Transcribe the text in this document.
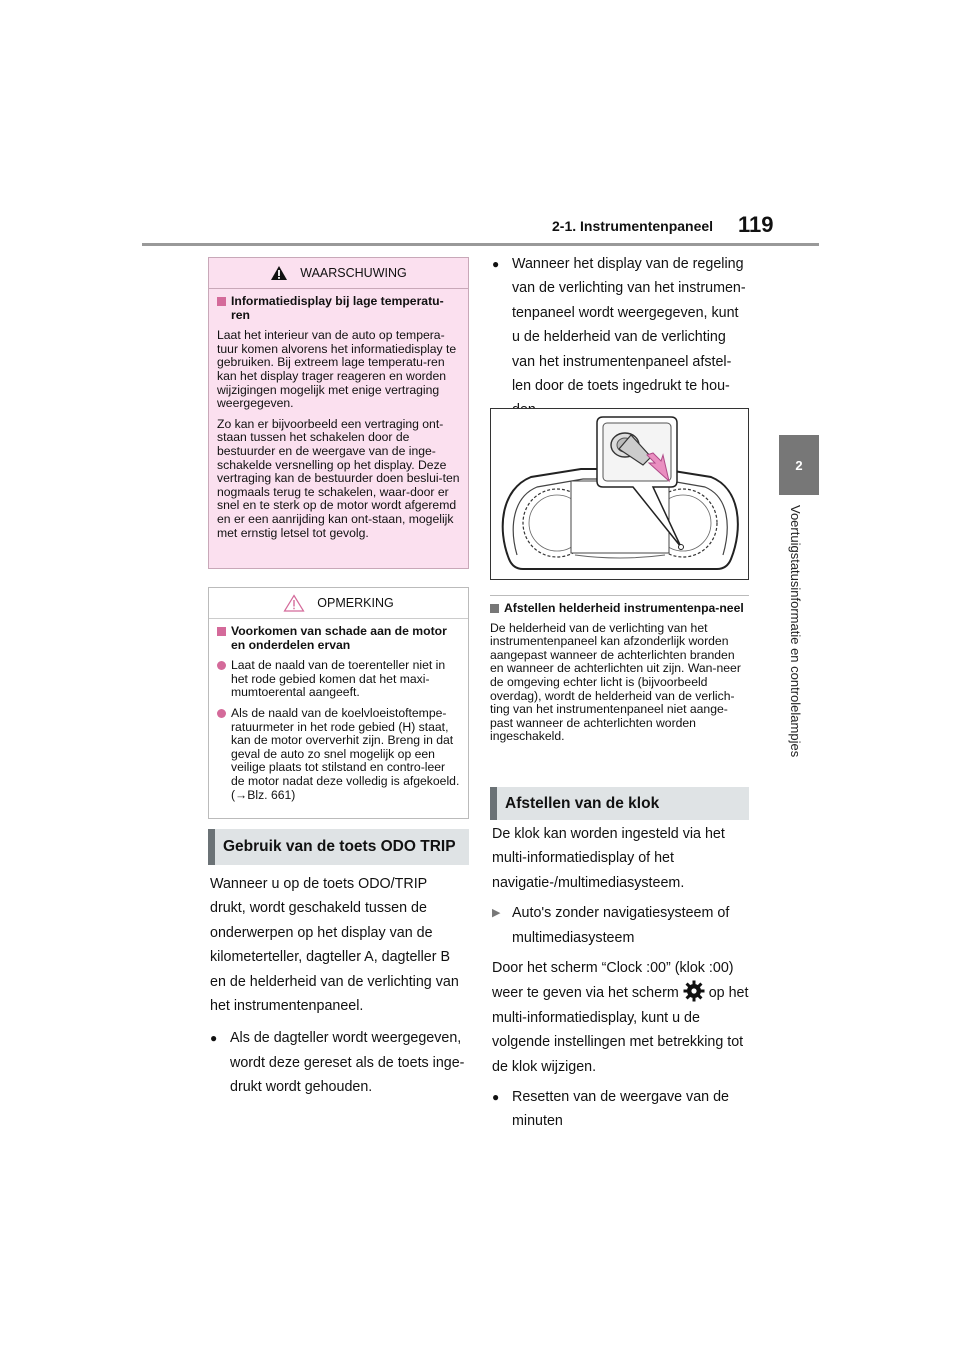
2-1. Instrumentenpaneel 119
2
Voertuigstatusinformatie en controlelampjes
WAARSCHUWING

Informatiedisplay bij lage temperatu-ren

Laat het interieur van de auto op tempera-tuur komen alvorens het informatiedisplay te gebruiken. Bij extreem lage temperatu-ren kan het display trager reageren en worden wijzigingen mogelijk met enige vertraging weergegeven.

Zo kan er bijvoorbeeld een vertraging ont-staan tussen het schakelen door de bestuurder en de weergave van de inge-schakelde versnelling op het display. Deze vertraging kan de bestuurder doen beslui-ten nogmaals terug te schakelen, waar-door er snel en te sterk op de motor wordt afgeremd en er een aanrijding kan ont-staan, mogelijk met ernstig letsel tot gevolg.

OPMERKING

Voorkomen van schade aan de motor en onderdelen ervan

Laat de naald van de toerenteller niet in het rode gebied komen dat het maxi-mumtoerental aangeeft.

Als de naald van de koelvloeistoftempe-ratuurmeter in het rode gebied (H) staat, kan de motor oververhit zijn. Breng in dat geval de auto zo snel mogelijk op een veilige plaats tot stilstand en contro-leer de motor nadat deze volledig is afgekoeld. (→Blz. 661)

Gebruik van de toets ODO TRIP

Wanneer u op de toets ODO/TRIP drukt, wordt geschakeld tussen de onderwerpen op het display van de kilometerteller, dagteller A, dagteller B en de helderheid van de verlichting van het instrumentenpaneel.

● Als de dagteller wordt weergegeven, wordt deze gereset als de toets inge-drukt wordt gehouden.
● Wanneer het display van de regeling van de verlichting van het instrumen-tenpaneel wordt weergegeven, kunt u de helderheid van de verlichting van het instrumentenpaneel afstel-len door de toets ingedrukt te hou-

Afstellen helderheid instrumentenpa-neel

De helderheid van de verlichting van het instrumentenpaneel kan afzonderlijk worden aangepast wanneer de achterlichten branden en wanneer de achterlichten uit zijn. Wan-neer de omgeving echter licht is (bijvoorbeeld overdag), wordt de helderheid van de verlich-ting van het instrumentenpaneel niet aange-past wanneer de achterlichten worden ingeschakeld.

Afstellen van de klok

De klok kan worden ingesteld via het multi-informatiedisplay of het navigatie-/multimediasysteem.

▶ Auto's zonder navigatiesysteem of multimediasysteem

Door het scherm “Clock :00” (klok :00) weer te geven via het scherm op het multi-informatiedisplay, kunt u de volgende instellingen met betrekking tot de klok wijzigen.

● Resetten van de weergave van de minuten
